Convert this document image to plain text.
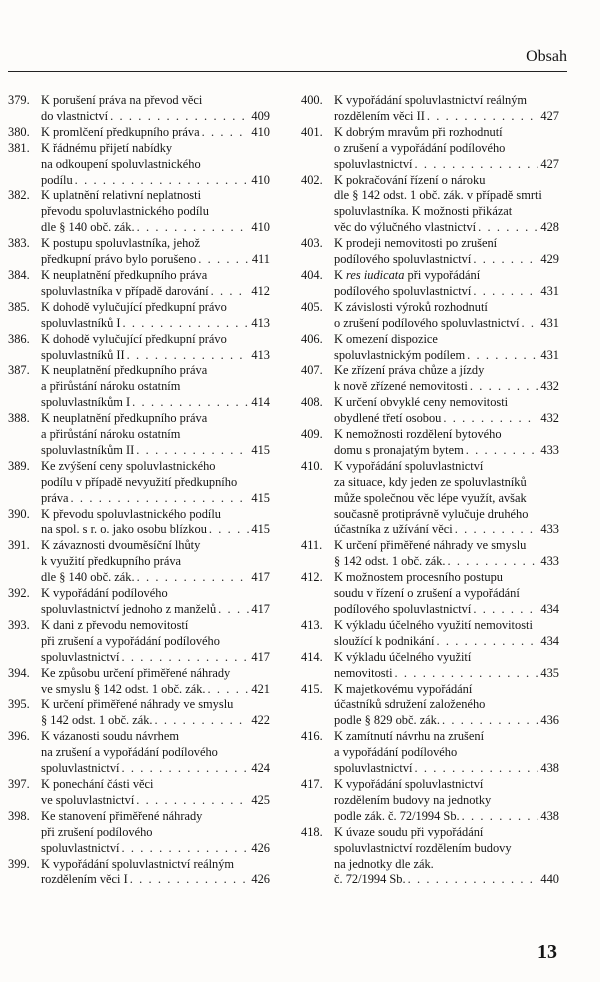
Obsah
379. K porušení práva na převod věci
do vlastnictví . . .	409
380. K promlčení předkupního práva . . .	410
381. K řádnému přijetí nabídky
na odkoupení spoluvlastnického
podílu . . .	410
382. K uplatnění relativní neplatnosti
převodu spoluvlastnického podílu
dle § 140 obč. zák. . . .	410
383. K postupu spoluvlastníka, jehož
předkupní právo bylo porušeno . . .	411
384. K neuplatnění předkupního práva
spoluvlastníka v případě darování . . .	412
385. K dohodě vylučující předkupní právo
spoluvlastníků I . . .	413
386. K dohodě vylučující předkupní právo
spoluvlastníků II . . .	413
387. K neuplatnění předkupního práva
a přirůstání nároku ostatním
spoluvlastníkům I . . .	414
388. K neuplatnění předkupního práva
a přirůstání nároku ostatním
spoluvlastníkům II . . .	415
389. Ke zvýšení ceny spoluvlastnického
podílu v případě nevyužití předkupního
práva . . .	415
390. K převodu spoluvlastnického podílu
na spol. s r. o. jako osobu blízkou . . .	415
391. K závaznosti dvouměsíční lhůty
k využití předkupního práva
dle § 140 obč. zák. . . .	417
392. K vypořádání podílového
spoluvlastnictví jednoho z manželů . . .	417
393. K dani z převodu nemovitostí
při zrušení a vypořádání podílového
spoluvlastnictví . . .	417
394. Ke způsobu určení přiměřené náhrady
ve smyslu § 142 odst. 1 obč. zák. . . .	421
395. K určení přiměřené náhrady ve smyslu
§ 142 odst. 1 obč. zák. . . .	422
396. K vázanosti soudu návrhem
na zrušení a vypořádání podílového
spoluvlastnictví . . .	424
397. K ponechání části věci
ve spoluvlastnictví . . .	425
398. Ke stanovení přiměřené náhrady
při zrušení podílového
spoluvlastnictví . . .	426
399. K vypořádání spoluvlastnictví reálným
rozdělením věci I . . .	426
400. K vypořádání spoluvlastnictví reálným
rozdělením věci II . . .	427
401. K dobrým mravům při rozhodnutí
o zrušení a vypořádání podílového
spoluvlastnictví . . .	427
402. K pokračování řízení o nároku
dle § 142 odst. 1 obč. zák. v případě smrti
spoluvlastníka. K možnosti přikázat
věc do výlučného vlastnictví . . .	428
403. K prodeji nemovitosti po zrušení
podílového spoluvlastnictví . . .	429
404. K res iudicata při vypořádání
podílového spoluvlastnictví . . .	431
405. K závislosti výroků rozhodnutí
o zrušení podílového spoluvlastnictví . . . 431
406. K omezení dispozice
spoluvlastnickým podílem . . .	431
407. Ke zřízení práva chůze a jízdy
k nově zřízené nemovitosti . . .	432
408. K určení obvyklé ceny nemovitosti
obydlené třetí osobou . . .	432
409. K nemožnosti rozdělení bytového
domu s pronajatým bytem . . .	433
410. K vypořádání spoluvlastnictví
za situace, kdy jeden ze spoluvlastníků
může společnou věc lépe využít, avšak
současně protiprávně vylučuje druhého
účastníka z užívání věci . . .	433
411. K určení přiměřené náhrady ve smyslu
§ 142 odst. 1 obč. zák. . . .	433
412. K možnostem procesního postupu
soudu v řízení o zrušení a vypořádání
podílového spoluvlastnictví . . .	434
413. K výkladu účelného využití nemovitosti
sloužící k podnikání . . .	434
414. K výkladu účelného využití
nemovitosti . . .	435
415. K majetkovému vypořádání
účastníků sdružení založeného
podle § 829 obč. zák. . . .	436
416. K zamítnutí návrhu na zrušení
a vypořádání podílového
spoluvlastnictví . . .	438
417. K vypořádání spoluvlastnictví
rozdělením budovy na jednotky
podle zák. č. 72/1994 Sb. . . .	438
418. K úvaze soudu při vypořádání
spoluvlastnictví rozdělením budovy
na jednotky dle zák.
č. 72/1994 Sb. . . .	440
13
